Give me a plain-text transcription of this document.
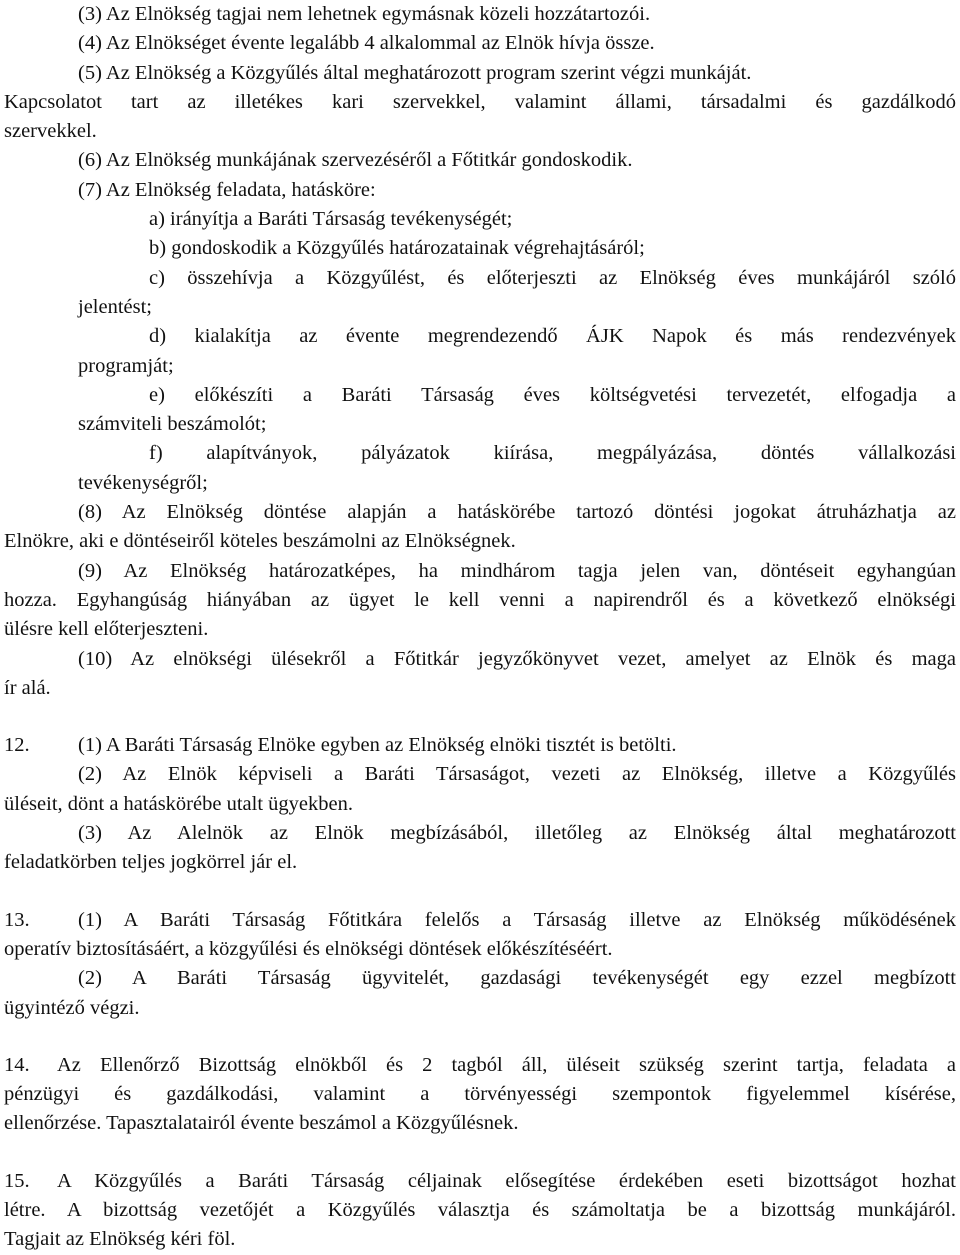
(3) Az Elnökség tagjai nem lehetnek egymásnak közeli hozzátartozói.
(4) Az Elnökséget évente legalább 4 alkalommal az Elnök hívja össze.
(5) Az Elnökség a Közgyűlés által meghatározott program szerint végzi munkáját.
Kapcsolatot tart az illetékes kari szervekkel, valamint állami, társadalmi és gazdálkodó
szervekkel.
(6) Az Elnökség munkájának szervezéséről a Főtitkár gondoskodik.
(7) Az Elnökség feladata, hatásköre:
a) irányítja a Baráti Társaság tevékenységét;
b) gondoskodik a Közgyűlés határozatainak végrehajtásáról;
c) összehívja a Közgyűlést, és előterjeszti az Elnökség éves munkájáról szóló
jelentést;
d) kialakítja az évente megrendezendő ÁJK Napok és más rendezvények
programját;
e) előkészíti a Baráti Társaság éves költségvetési tervezetét, elfogadja a
számviteli beszámolót;
f) alapítványok, pályázatok kiírása, megpályázása, döntés vállalkozási
tevékenységről;
(8) Az Elnökség döntése alapján a hatáskörébe tartozó döntési jogokat átruházhatja az
Elnökre, aki e döntéseiről köteles beszámolni az Elnökségnek.
(9) Az Elnökség határozatképes, ha mindhárom tagja jelen van, döntéseit egyhangúan
hozza. Egyhangúság hiányában az ügyet le kell venni a napirendről és a következő elnökségi
ülésre kell előterjeszteni.
(10) Az elnökségi ülésekről a Főtitkár jegyzőkönyvet vezet, amelyet az Elnök és maga
ír alá.
12.	(1) A Baráti Társaság Elnöke egyben az Elnökség elnöki tisztét is betölti.
(2) Az Elnök képviseli a Baráti Társaságot, vezeti az Elnökség, illetve a Közgyűlés
üléseit, dönt a hatáskörébe utalt ügyekben.
(3) Az Alelnök az Elnök megbízásából, illetőleg az Elnökség által meghatározott
feladatkörben teljes jogkörrel jár el.
13.	(1) A Baráti Társaság Főtitkára felelős a Társaság illetve az Elnökség működésének
operatív biztosításáért, a közgyűlési és elnökségi döntések előkészítéséért.
(2) A Baráti Társaság ügyvitelét, gazdasági tevékenységét egy ezzel megbízott
ügyintéző végzi.
14.	Az Ellenőrző Bizottság elnökből és 2 tagból áll, üléseit szükség szerint tartja, feladata a
pénzügyi és gazdálkodási, valamint a törvényességi szempontok figyelemmel kísérése,
ellenőrzése. Tapasztalatairól évente beszámol a Közgyűlésnek.
15.	A Közgyűlés a Baráti Társaság céljainak elősegítése érdekében eseti bizottságot hozhat
létre. A bizottság vezetőjét a Közgyűlés választja és számoltatja be a bizottság munkájáról.
Tagjait az Elnökség kéri föl.
